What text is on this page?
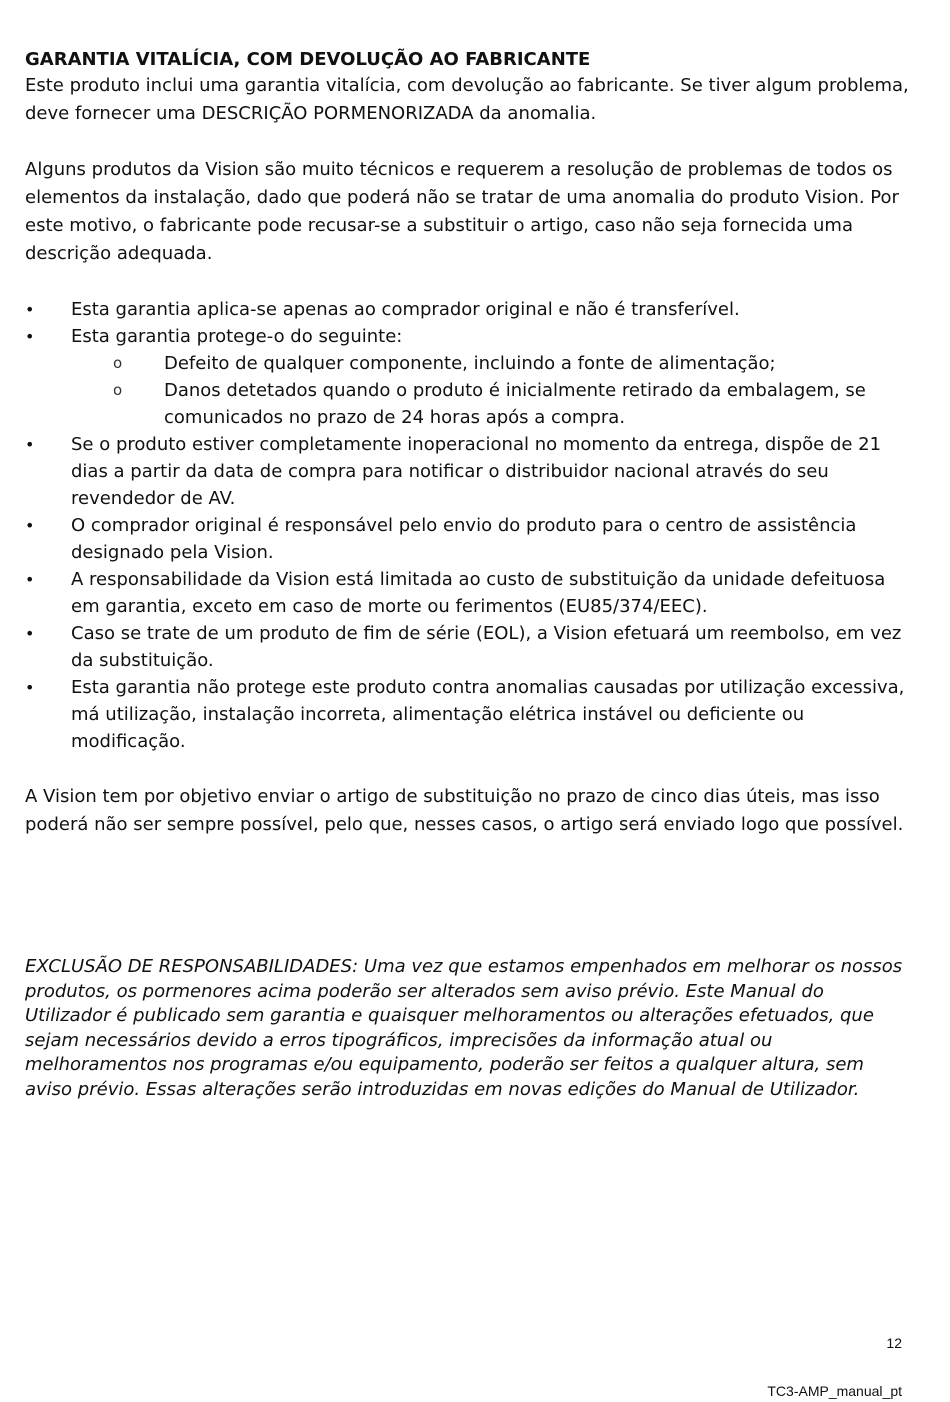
GARANTIA VITALÍCIA, COM DEVOLUÇÃO AO FABRICANTE

Este produto inclui uma garantia vitalícia, com devolução ao fabricante. Se tiver algum problema, deve fornecer uma DESCRIÇÃO PORMENORIZADA da anomalia.

Alguns produtos da Vision são muito técnicos e requerem a resolução de problemas de todos os elementos da instalação, dado que poderá não se tratar de uma anomalia do produto Vision. Por este motivo, o fabricante pode recusar-se a substituir o artigo, caso não seja fornecida uma descrição adequada.

•	Esta garantia aplica-se apenas ao comprador original e não é transferível.
•	Esta garantia protege-o do seguinte:
o	Defeito de qualquer componente, incluindo a fonte de alimentação;
o	Danos detetados quando o produto é inicialmente retirado da embalagem, se comunicados no prazo de 24 horas após a compra.
•	Se o produto estiver completamente inoperacional no momento da entrega, dispõe de 21 dias a partir da data de compra para notificar o distribuidor nacional através do seu revendedor de AV.
•	O comprador original é responsável pelo envio do produto para o centro de assistência designado pela Vision.
•	A responsabilidade da Vision está limitada ao custo de substituição da unidade defeituosa em garantia, exceto em caso de morte ou ferimentos (EU85/374/EEC).
•	Caso se trate de um produto de fim de série (EOL), a Vision efetuará um reembolso, em vez da substituição.
•	Esta garantia não protege este produto contra anomalias causadas por utilização excessiva, má utilização, instalação incorreta, alimentação elétrica instável ou deficiente ou modificação.

A Vision tem por objetivo enviar o artigo de substituição no prazo de cinco dias úteis, mas isso poderá não ser sempre possível, pelo que, nesses casos, o artigo será enviado logo que possível.

EXCLUSÃO DE RESPONSABILIDADES: Uma vez que estamos empenhados em melhorar os nossos produtos, os pormenores acima poderão ser alterados sem aviso prévio. Este Manual do Utilizador é publicado sem garantia e quaisquer melhoramentos ou alterações efetuados, que sejam necessários devido a erros tipográficos, imprecisões da informação atual ou melhoramentos nos programas e/ou equipamento, poderão ser feitos a qualquer altura, sem aviso prévio. Essas alterações serão introduzidas em novas edições do Manual de Utilizador.

12
TC3-AMP_manual_pt
